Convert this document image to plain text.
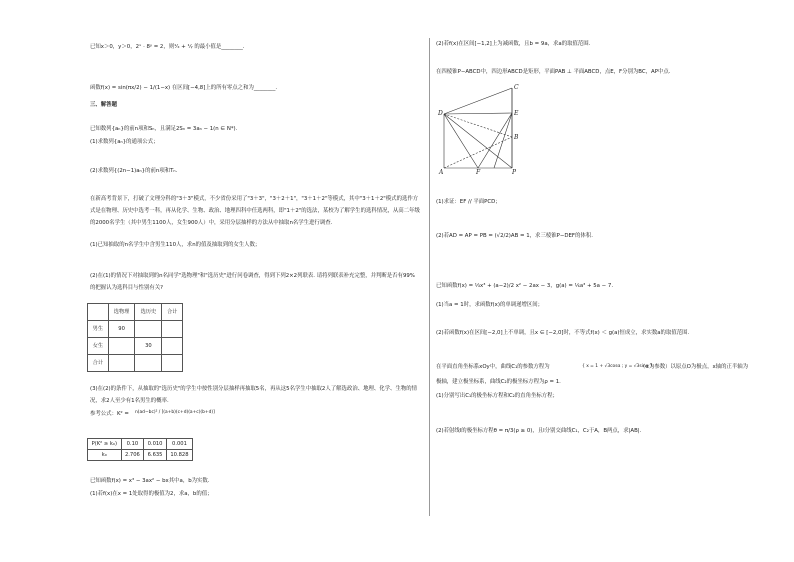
已知x＞0，y＞0，2ˣ · 8ʸ = 2，则¹⁄ₓ + ¹⁄ᵧ 的最小值是________.
函数f(x) = sin(πx/2) − 1/(1−x) 在区间[−4,8]上的所有零点之和为________.
三、解答题
已知数列{aₙ}的前n项和Sₙ，且满足2Sₙ = 3aₙ − 1(n ∈ N*).
(1)求数列{aₙ}的通项公式；
(2)求数列{(2n−1)aₙ}的前n项和Tₙ.
在新高考背景下，打破了文理分科的"3＋3"模式，不少省份采用了"3＋3"，"3＋2＋1"，"3＋1＋2"等模式，其中"3＋1＋2"模式的选作方式是在物理、历史中选考一科，再从化学、生物、政治、地理四科中任选两科，即"1＋2"的选法，某校为了解学生的选科情况，从高二年级的2000名学生（其中男生1100人，女生900人）中，采用分层抽样的方法从中抽取n名学生进行调查.
(1)已知抽取的n名学生中含男生110人，求n的值及抽取到的女生人数；
(2)在(1)的情况下对抽取到的n名同学"选物理"和"选历史"进行问卷调查，得到下列2×2列联表. 请将列联表补充完整，并判断是否有99%的把握认为选科目与性别有关?
	选物理	选历史	合计
男生	90		
女生		30	
合计			
(3)在(2)的条件下，从抽取的"选历史"的学生中按性别分层抽样再抽取5名，再从这5名学生中抽取2人了解选政治、地理、化学、生物的情况，求2人至少有1名男生的概率.
参考公式：K² = n(ad−bc)² / [(a+b)(c+d)(a+c)(b+d)]
P(K² ≥ k₀)	0.10	0.010	0.001
k₀	2.706	6.635	10.828
已知函数f(x) = x³ − 3ax² − bx其中a，b为实数.
(1)若f(x)在x = 1处取得的极值为2，求a，b的值；
(2)若f(x)在区间[−1,2]上为减函数，且b = 9a，求a的取值范围.
在四棱锥P−ABCD中，四边形ABCD是矩形，平面PAB ⊥ 平面ABCD，点E，F分别为BC，AP中点.
C
D	E
B
A	F	P
(1)求证：EF // 平面PCD；
(2)若AD = AP = PB = (√2/2)AB = 1，求三棱锥P−DEF的体积.
已知函数f(x) = ⅓x³ + (a−2)/2 x² − 2ax − 3，g(a) = ⅙a³ + 5a − 7.
(1)当a = 1时，求函数f(x)的单调递增区间；
(2)若函数f(x)在区间[−2,0]上不单调，且x ∈ [−2,0]时，不等式f(x) ＜ g(a)恒成立，求实数a的取值范围.
在平面直角坐标系xOy中，曲线C₁的参数方程为	{ x = 1 + √3cosα ; y = √3sinα }
（α为参数）以原点O为极点，x轴的正半轴为
极轴，建立极坐标系，曲线C₂的极坐标方程为ρ = 1.
(1)分别写出C₁的极坐标方程和C₂的直角坐标方程；
(2)若射线l的极坐标方程θ = π/3(ρ ≥ 0)，且l分别交曲线C₁，C₂于A，B两点，求|AB|.
